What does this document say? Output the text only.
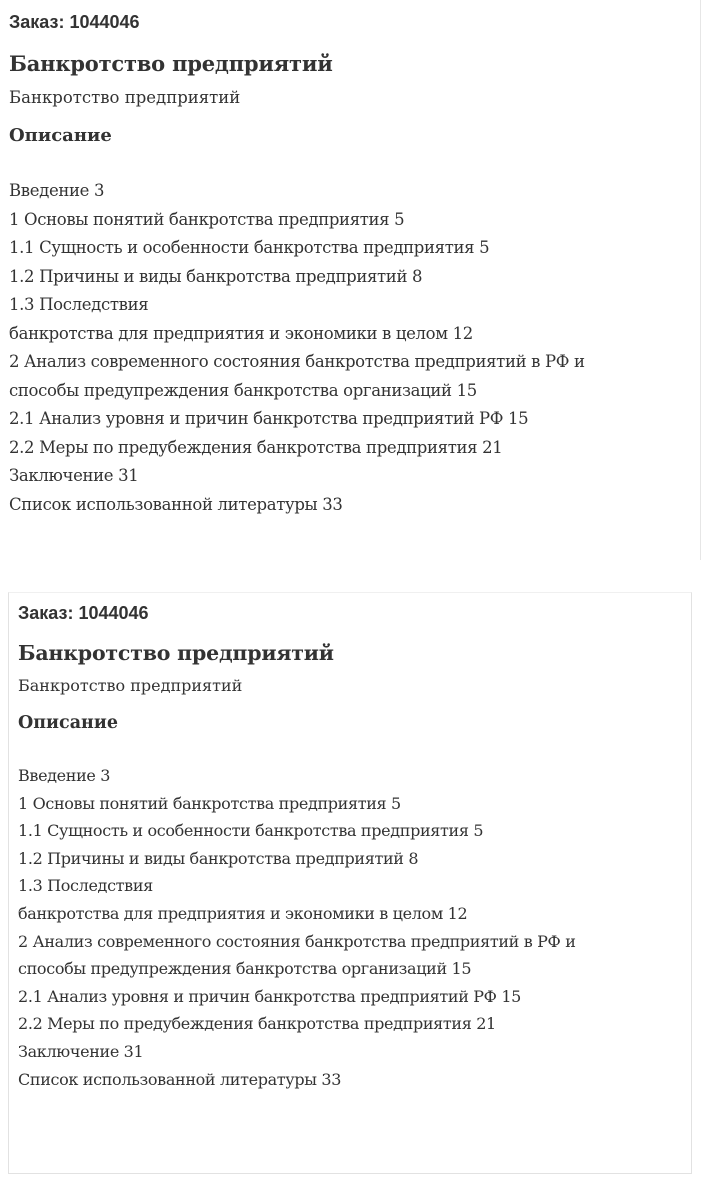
Заказ: 1044046
Банкротство предприятий
Банкротство предприятий
Описание
Введение 3
1 Основы понятий банкротства предприятия 5
1.1 Сущность и особенности банкротства предприятия 5
1.2 Причины и виды банкротства предприятий 8
1.3 Последствия
банкротства для предприятия и экономики в целом 12
2 Анализ современного состояния банкротства предприятий в РФ и
способы предупреждения банкротства организаций 15
2.1 Анализ уровня и причин банкротства предприятий РФ 15
2.2 Меры по предубеждения банкротства предприятия 21
Заключение 31
Список использованной литературы 33
Заказ: 1044046
Банкротство предприятий
Банкротство предприятий
Описание
Введение 3
1 Основы понятий банкротства предприятия 5
1.1 Сущность и особенности банкротства предприятия 5
1.2 Причины и виды банкротства предприятий 8
1.3 Последствия
банкротства для предприятия и экономики в целом 12
2 Анализ современного состояния банкротства предприятий в РФ и
способы предупреждения банкротства организаций 15
2.1 Анализ уровня и причин банкротства предприятий РФ 15
2.2 Меры по предубеждения банкротства предприятия 21
Заключение 31
Список использованной литературы 33
